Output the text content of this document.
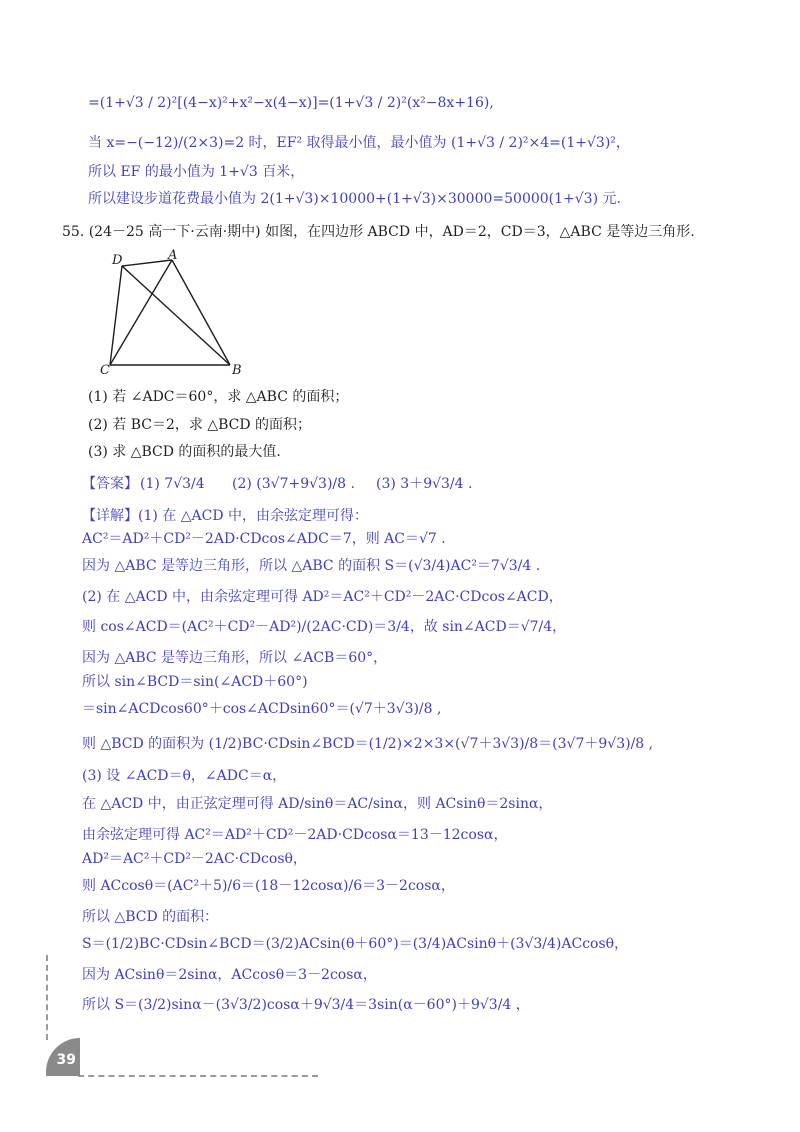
=(1+√3 / 2)²[(4−x)²+x²−x(4−x)]=(1+√3 / 2)²(x²−8x+16),
当 x=−(−12)/(2×3)=2 时，EF² 取得最小值，最小值为 (1+√3 / 2)²×4=(1+√3)²，
所以 EF 的最小值为 1+√3 百米，
所以建设步道花费最小值为 2(1+√3)×10000+(1+√3)×30000=50000(1+√3) 元.
55. (24－25 高一下·云南·期中) 如图，在四边形 ABCD 中，AD＝2，CD＝3，△ABC 是等边三角形.
D	A
C	B
(1) 若 ∠ADC＝60°，求 △ABC 的面积；
(2) 若 BC＝2，求 △BCD 的面积；
(3) 求 △BCD 的面积的最大值.
【答案】 (1) 7√3/4 (2) (3√7+9√3)/8 . (3) 3＋9√3/4 .
【详解】(1) 在 △ACD 中，由余弦定理可得：
AC²＝AD²＋CD²－2AD·CDcos∠ADC＝7，则 AC＝√7 .
因为 △ABC 是等边三角形，所以 △ABC 的面积 S＝(√3/4)AC²＝7√3/4 .
(2) 在 △ACD 中，由余弦定理可得 AD²＝AC²＋CD²－2AC·CDcos∠ACD，
则 cos∠ACD＝(AC²＋CD²－AD²)/(2AC·CD)＝3/4，故 sin∠ACD＝√7/4，
因为 △ABC 是等边三角形，所以 ∠ACB＝60°，
所以 sin∠BCD＝sin(∠ACD＋60°)
＝sin∠ACDcos60°＋cos∠ACDsin60°＝(√7＋3√3)/8 ,
则 △BCD 的面积为 (1/2)BC·CDsin∠BCD＝(1/2)×2×3×(√7＋3√3)/8＝(3√7＋9√3)/8 ,
(3) 设 ∠ACD＝θ，∠ADC＝α，
在 △ACD 中，由正弦定理可得 AD/sinθ＝AC/sinα，则 ACsinθ＝2sinα，
由余弦定理可得 AC²＝AD²＋CD²－2AD·CDcosα＝13－12cosα，
AD²＝AC²＋CD²－2AC·CDcosθ，
则 ACcosθ＝(AC²＋5)/6＝(18－12cosα)/6＝3－2cosα，
所以 △BCD 的面积：
S＝(1/2)BC·CDsin∠BCD＝(3/2)ACsin(θ＋60°)＝(3/4)ACsinθ＋(3√3/4)ACcosθ，
因为 ACsinθ＝2sinα，ACcosθ＝3－2cosα，
所以 S＝(3/2)sinα－(3√3/2)cosα＋9√3/4＝3sin(α－60°)＋9√3/4 ，
39
